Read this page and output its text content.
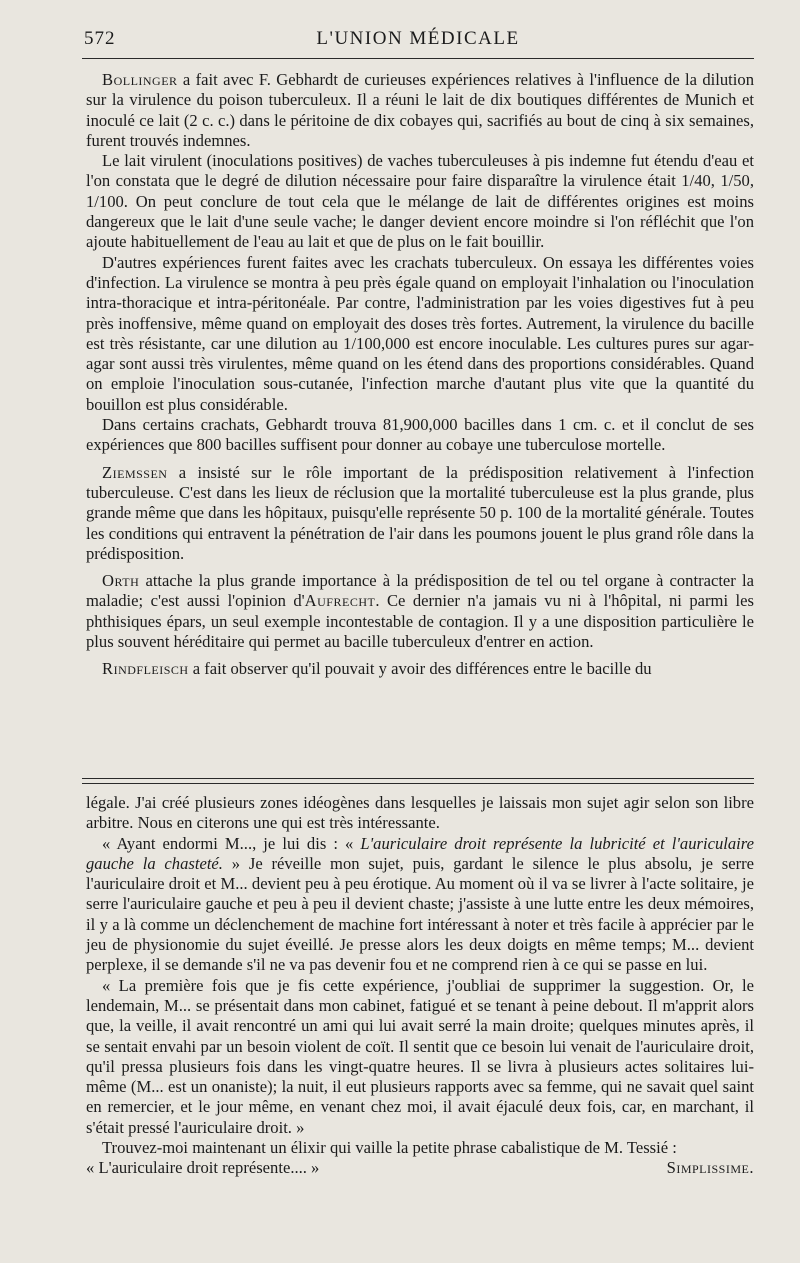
572	L'UNION MÉDICALE

Bollinger a fait avec F. Gebhardt de curieuses expériences relatives à l'influence de la dilution sur la virulence du poison tuberculeux. Il a réuni le lait de dix boutiques différentes de Munich et inoculé ce lait (2 c. c.) dans le péritoine de dix cobayes qui, sacrifiés au bout de cinq à six semaines, furent trouvés indemnes.

Le lait virulent (inoculations positives) de vaches tuberculeuses à pis indemne fut étendu d'eau et l'on constata que le degré de dilution nécessaire pour faire disparaître la virulence était 1/40, 1/50, 1/100. On peut conclure de tout cela que le mélange de lait de différentes origines est moins dangereux que le lait d'une seule vache; le danger devient encore moindre si l'on réfléchit que l'on ajoute habituellement de l'eau au lait et que de plus on le fait bouillir.

D'autres expériences furent faites avec les crachats tuberculeux. On essaya les différentes voies d'infection. La virulence se montra à peu près égale quand on employait l'inhalation ou l'inoculation intra-thoracique et intra-péritonéale. Par contre, l'administration par les voies digestives fut à peu près inoffensive, même quand on employait des doses très fortes. Autrement, la virulence du bacille est très résistante, car une dilution au 1/100,000 est encore inoculable. Les cultures pures sur agar-agar sont aussi très virulentes, même quand on les étend dans des proportions considérables. Quand on emploie l'inoculation sous-cutanée, l'infection marche d'autant plus vite que la quantité du bouillon est plus considérable.

Dans certains crachats, Gebhardt trouva 81,900,000 bacilles dans 1 cm. c. et il conclut de ses expériences que 800 bacilles suffisent pour donner au cobaye une tuberculose mortelle.

Ziemssen a insisté sur le rôle important de la prédisposition relativement à l'infection tuberculeuse. C'est dans les lieux de réclusion que la mortalité tuberculeuse est la plus grande, plus grande même que dans les hôpitaux, puisqu'elle représente 50 p. 100 de la mortalité générale. Toutes les conditions qui entravent la pénétration de l'air dans les poumons jouent le plus grand rôle dans la prédisposition.

Orth attache la plus grande importance à la prédisposition de tel ou tel organe à contracter la maladie; c'est aussi l'opinion d'Aufrecht. Ce dernier n'a jamais vu ni à l'hôpital, ni parmi les phthisiques épars, un seul exemple incontestable de contagion. Il y a une disposition particulière le plus souvent héréditaire qui permet au bacille tuberculeux d'entrer en action.

Rindfleisch a fait observer qu'il pouvait y avoir des différences entre le bacille du

légale. J'ai créé plusieurs zones idéogènes dans lesquelles je laissais mon sujet agir selon son libre arbitre. Nous en citerons une qui est très intéressante.

« Ayant endormi M..., je lui dis : « L'auriculaire droit représente la lubricité et l'auriculaire gauche la chasteté. » Je réveille mon sujet, puis, gardant le silence le plus absolu, je serre l'auriculaire droit et M... devient peu à peu érotique. Au moment où il va se livrer à l'acte solitaire, je serre l'auriculaire gauche et peu à peu il devient chaste; j'assiste à une lutte entre les deux mémoires, il y a là comme un déclenchement de machine fort intéressant à noter et très facile à apprécier par le jeu de physionomie du sujet éveillé. Je presse alors les deux doigts en même temps; M... devient perplexe, il se demande s'il ne va pas devenir fou et ne comprend rien à ce qui se passe en lui.

« La première fois que je fis cette expérience, j'oubliai de supprimer la suggestion. Or, le lendemain, M... se présentait dans mon cabinet, fatigué et se tenant à peine debout. Il m'apprit alors que, la veille, il avait rencontré un ami qui lui avait serré la main droite; quelques minutes après, il se sentait envahi par un besoin violent de coït. Il sentit que ce besoin lui venait de l'auriculaire droit, qu'il pressa plusieurs fois dans les vingt-quatre heures. Il se livra à plusieurs actes solitaires lui-même (M... est un onaniste); la nuit, il eut plusieurs rapports avec sa femme, qui ne savait quel saint en remercier, et le jour même, en venant chez moi, il avait éjaculé deux fois, car, en marchant, il s'était pressé l'auriculaire droit. »

Trouvez-moi maintenant un élixir qui vaille la petite phrase cabalistique de M. Tessié :

« L'auriculaire droit représente.... »	Simplissime.
